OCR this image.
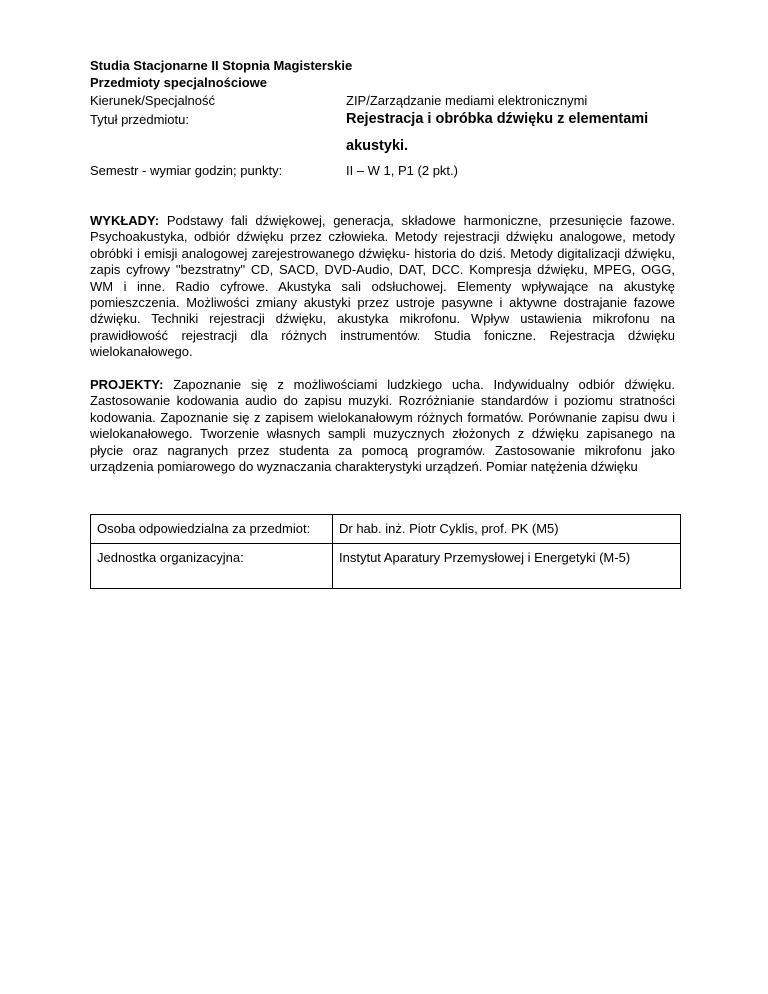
Studia Stacjonarne II Stopnia Magisterskie
Przedmioty specjalnościowe
Kierunek/Specjalność	ZIP/Zarządzanie mediami elektronicznymi
Tytuł przedmiotu:	Rejestracja i obróbka dźwięku z elementami
akustyki.
Semestr - wymiar godzin; punkty:	II – W 1, P1 (2 pkt.)

WYKŁADY: Podstawy fali dźwiękowej, generacja, składowe harmoniczne, przesunięcie fazowe. Psychoakustyka, odbiór dźwięku przez człowieka. Metody rejestracji dźwięku analogowe, metody obróbki i emisji analogowej zarejestrowanego dźwięku- historia do dziś. Metody digitalizacji dźwięku, zapis cyfrowy "bezstratny" CD, SACD, DVD-Audio, DAT, DCC. Kompresja dźwięku, MPEG, OGG, WM i inne. Radio cyfrowe. Akustyka sali odsłuchowej. Elementy wpływające na akustykę pomieszczenia. Możliwości zmiany akustyki przez ustroje pasywne i aktywne dostrajanie fazowe dźwięku. Techniki rejestracji dźwięku, akustyka mikrofonu. Wpływ ustawienia mikrofonu na prawidłowość rejestracji dla różnych instrumentów. Studia foniczne. Rejestracja dźwięku wielokanałowego.

PROJEKTY: Zapoznanie się z możliwościami ludzkiego ucha. Indywidualny odbiór dźwięku. Zastosowanie kodowania audio do zapisu muzyki. Rozróżnianie standardów i poziomu stratności kodowania. Zapoznanie się z zapisem wielokanałowym różnych formatów. Porównanie zapisu dwu i wielokanałowego. Tworzenie własnych sampli muzycznych złożonych z dźwięku zapisanego na płycie oraz nagranych przez studenta za pomocą programów. Zastosowanie mikrofonu jako urządzenia pomiarowego do wyznaczania charakterystyki urządzeń. Pomiar natężenia dźwięku

Osoba odpowiedzialna za przedmiot:	Dr hab. inż. Piotr Cyklis, prof. PK (M5)
Jednostka organizacyjna:	Instytut Aparatury Przemysłowej i Energetyki (M-5)
